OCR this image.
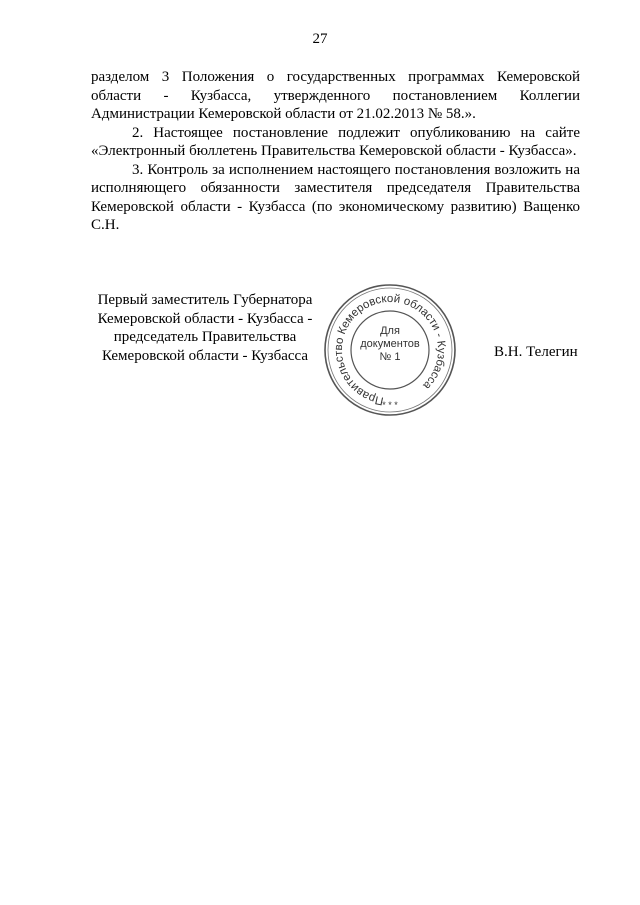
27

разделом 3 Положения о государственных программах Кемеровской области - Кузбасса, утвержденного постановлением Коллегии Администрации Кемеровской области от 21.02.2013 № 58.».

2. Настоящее постановление подлежит опубликованию на сайте «Электронный бюллетень Правительства Кемеровской области - Кузбасса».

3. Контроль за исполнением настоящего постановления возложить на исполняющего обязанности заместителя председателя Правительства Кемеровской области - Кузбасса (по экономическому развитию) Ващенко С.Н.

Первый заместитель Губернатора
Кемеровской области - Кузбасса -
председатель Правительства
Кемеровской области - Кузбасса
Правительство Кемеровской области - Кузбасса
Для
документов
№ 1
* * *
В.Н. Телегин
